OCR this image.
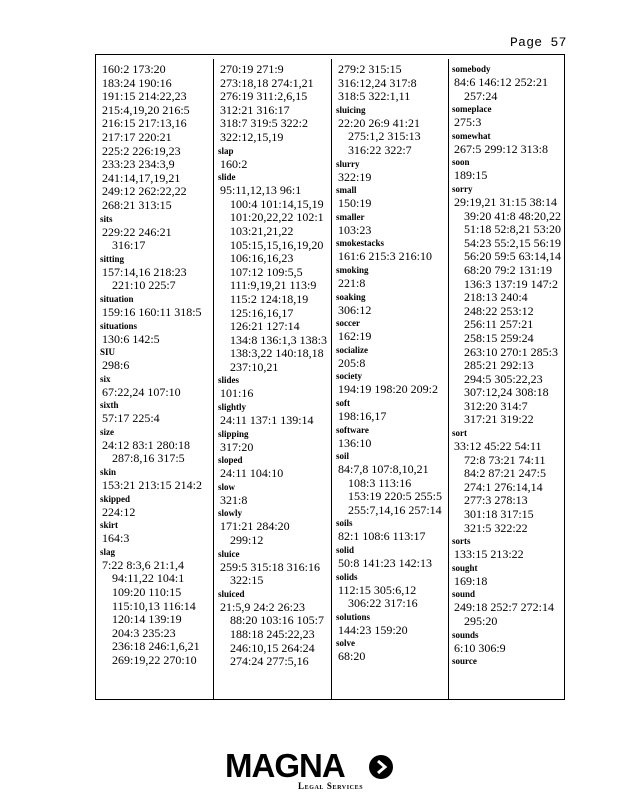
Page 57
160:2 173:20
183:24 190:16
191:15 214:22,23
215:4,19,20 216:5
216:15 217:13,16
217:17 220:21
225:2 226:19,23
233:23 234:3,9
241:14,17,19,21
249:12 262:22,22
268:21 313:15
sits
229:22 246:21
316:17
sitting
157:14,16 218:23
221:10 225:7
situation
159:16 160:11 318:5
situations
130:6 142:5
SIU
298:6
six
67:22,24 107:10
sixth
57:17 225:4
size
24:12 83:1 280:18
287:8,16 317:5
skin
153:21 213:15 214:2
skipped
224:12
skirt
164:3
slag
7:22 8:3,6 21:1,4
94:11,22 104:1
109:20 110:15
115:10,13 116:14
120:14 139:19
204:3 235:23
236:18 246:1,6,21
269:19,22 270:10
270:19 271:9
273:18,18 274:1,21
276:19 311:2,6,15
312:21 316:17
318:7 319:5 322:2
322:12,15,19
slap
160:2
slide
95:11,12,13 96:1
100:4 101:14,15,19
101:20,22,22 102:1
103:21,21,22
105:15,15,16,19,20
106:16,16,23
107:12 109:5,5
111:9,19,21 113:9
115:2 124:18,19
125:16,16,17
126:21 127:14
134:8 136:1,3 138:3
138:3,22 140:18,18
237:10,21
slides
101:16
slightly
24:11 137:1 139:14
slipping
317:20
sloped
24:11 104:10
slow
321:8
slowly
171:21 284:20
299:12
sluice
259:5 315:18 316:16
322:15
sluiced
21:5,9 24:2 26:23
88:20 103:16 105:7
188:18 245:22,23
246:10,15 264:24
274:24 277:5,16
279:2 315:15
316:12,24 317:8
318:5 322:1,11
sluicing
22:20 26:9 41:21
275:1,2 315:13
316:22 322:7
slurry
322:19
small
150:19
smaller
103:23
smokestacks
161:6 215:3 216:10
smoking
221:8
soaking
306:12
soccer
162:19
socialize
205:8
society
194:19 198:20 209:2
soft
198:16,17
software
136:10
soil
84:7,8 107:8,10,21
108:3 113:16
153:19 220:5 255:5
255:7,14,16 257:14
soils
82:1 108:6 113:17
solid
50:8 141:23 142:13
solids
112:15 305:6,12
306:22 317:16
solutions
144:23 159:20
solve
68:20
somebody
84:6 146:12 252:21
257:24
someplace
275:3
somewhat
267:5 299:12 313:8
soon
189:15
sorry
29:19,21 31:15 38:14
39:20 41:8 48:20,22
51:18 52:8,21 53:20
54:23 55:2,15 56:19
56:20 59:5 63:14,14
68:20 79:2 131:19
136:3 137:19 147:2
218:13 240:4
248:22 253:12
256:11 257:21
258:15 259:24
263:10 270:1 285:3
285:21 292:13
294:5 305:22,23
307:12,24 308:18
312:20 314:7
317:21 319:22
sort
33:12 45:22 54:11
72:8 73:21 74:11
84:2 87:21 247:5
274:1 276:14,14
277:3 278:13
301:18 317:15
321:5 322:22
sorts
133:15 213:22
sought
169:18
sound
249:18 252:7 272:14
295:20
sounds
6:10 306:9
source
MAGNA
Legal Services
